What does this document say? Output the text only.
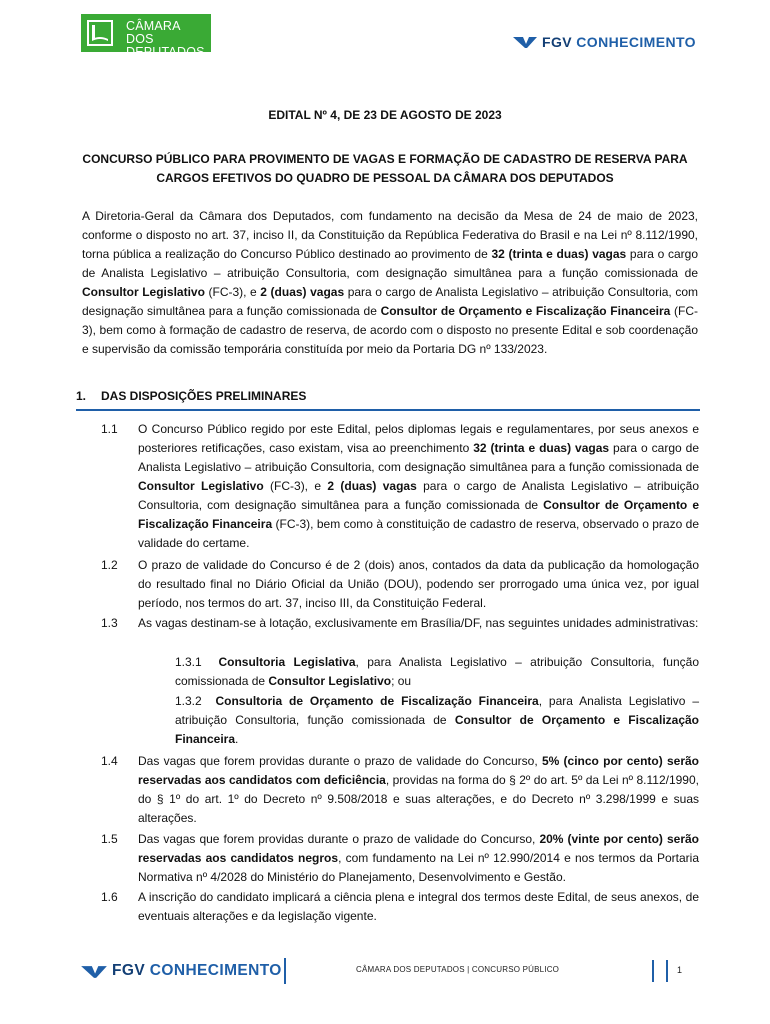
CÂMARA DOS
DEPUTADOS
FGV CONHECIMENTO
EDITAL Nº 4, DE 23 DE AGOSTO DE 2023
CONCURSO PÚBLICO PARA PROVIMENTO DE VAGAS E FORMAÇÃO DE CADASTRO DE RESERVA PARA
CARGOS EFETIVOS DO QUADRO DE PESSOAL DA CÂMARA DOS DEPUTADOS

A Diretoria-Geral da Câmara dos Deputados, com fundamento na decisão da Mesa de 24 de maio de 2023, conforme o disposto no art. 37, inciso II, da Constituição da República Federativa do Brasil e na Lei nº 8.112/1990, torna pública a realização do Concurso Público destinado ao provimento de 32 (trinta e duas) vagas para o cargo de Analista Legislativo – atribuição Consultoria, com designação simultânea para a função comissionada de Consultor Legislativo (FC-3), e 2 (duas) vagas para o cargo de Analista Legislativo – atribuição Consultoria, com designação simultânea para a função comissionada de Consultor de Orçamento e Fiscalização Financeira (FC-3), bem como à formação de cadastro de reserva, de acordo com o disposto no presente Edital e sob coordenação e supervisão da comissão temporária constituída por meio da Portaria DG nº 133/2023.

1. DAS DISPOSIÇÕES PRELIMINARES
1.1 O Concurso Público regido por este Edital, pelos diplomas legais e regulamentares, por seus anexos e posteriores retificações, caso existam, visa ao preenchimento 32 (trinta e duas) vagas para o cargo de Analista Legislativo – atribuição Consultoria, com designação simultânea para a função comissionada de Consultor Legislativo (FC-3), e 2 (duas) vagas para o cargo de Analista Legislativo – atribuição Consultoria, com designação simultânea para a função comissionada de Consultor de Orçamento e Fiscalização Financeira (FC-3), bem como à constituição de cadastro de reserva, observado o prazo de validade do certame.

1.2 O prazo de validade do Concurso é de 2 (dois) anos, contados da data da publicação da homologação do resultado final no Diário Oficial da União (DOU), podendo ser prorrogado uma única vez, por igual período, nos termos do art. 37, inciso III, da Constituição Federal.

1.3 As vagas destinam-se à lotação, exclusivamente em Brasília/DF, nas seguintes unidades administrativas:

1.3.1 Consultoria Legislativa, para Analista Legislativo – atribuição Consultoria, função comissionada de Consultor Legislativo; ou

1.3.2 Consultoria de Orçamento de Fiscalização Financeira, para Analista Legislativo – atribuição Consultoria, função comissionada de Consultor de Orçamento e Fiscalização Financeira.

1.4 Das vagas que forem providas durante o prazo de validade do Concurso, 5% (cinco por cento) serão reservadas aos candidatos com deficiência, providas na forma do § 2º do art. 5º da Lei nº 8.112/1990, do § 1º do art. 1º do Decreto nº 9.508/2018 e suas alterações, e do Decreto nº 3.298/1999 e suas alterações.

1.5 Das vagas que forem providas durante o prazo de validade do Concurso, 20% (vinte por cento) serão reservadas aos candidatos negros, com fundamento na Lei nº 12.990/2014 e nos termos da Portaria Normativa nº 4/2028 do Ministério do Planejamento, Desenvolvimento e Gestão.

1.6 A inscrição do candidato implicará a ciência plena e integral dos termos deste Edital, de seus anexos, de eventuais alterações e da legislação vigente.

FGV CONHECIMENTO	CÂMARA DOS DEPUTADOS | CONCURSO PÚBLICO	1
